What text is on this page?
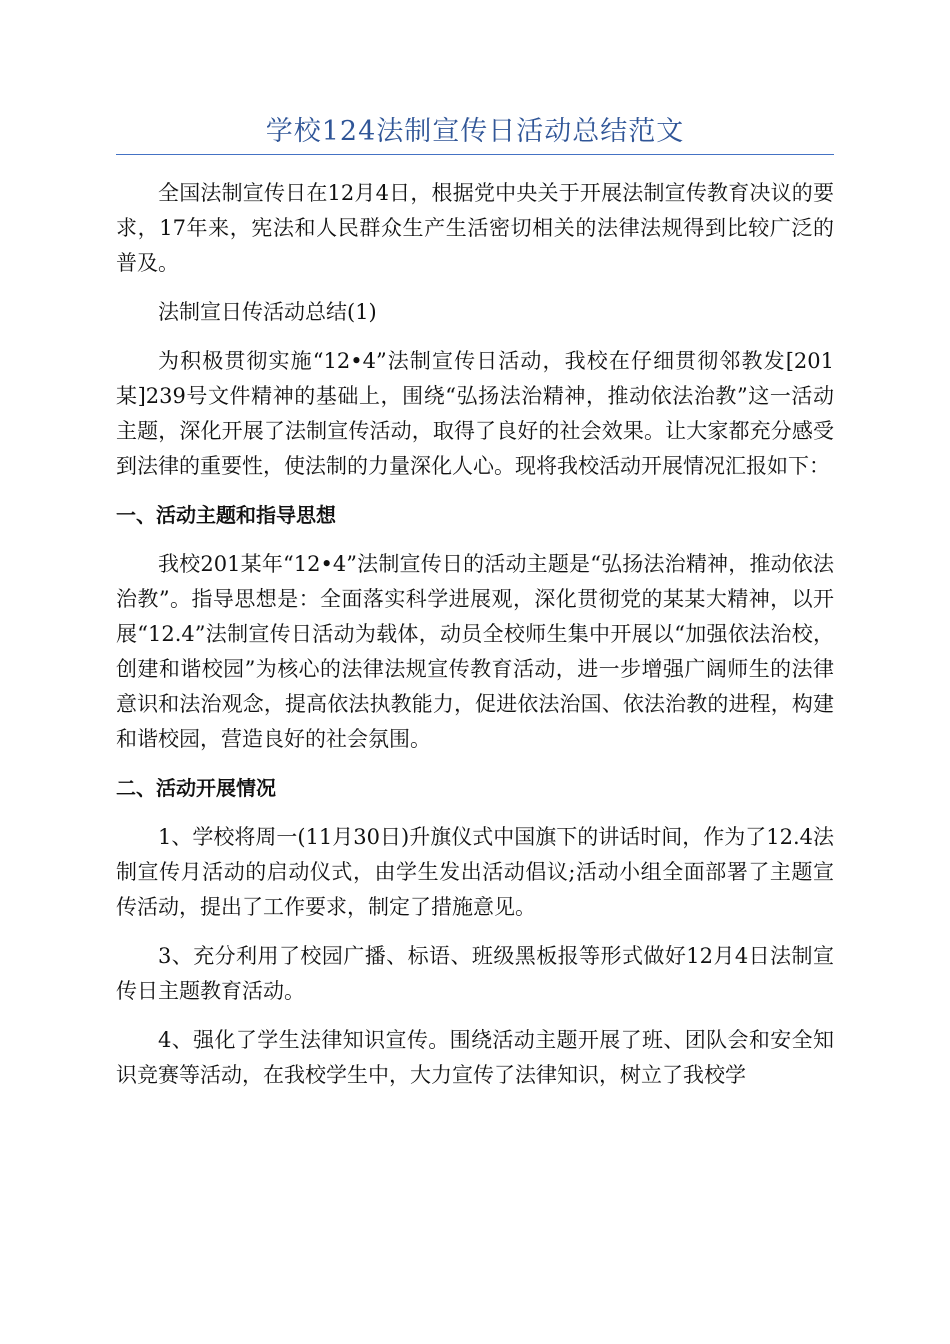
学校124法制宣传日活动总结范文

全国法制宣传日在12月4日，根据党中央关于开展法制宣传教育决议的要求，17年来，宪法和人民群众生产生活密切相关的法律法规得到比较广泛的普及。

法制宣日传活动总结(1)

为积极贯彻实施“12•4”法制宣传日活动，我校在仔细贯彻邻教发[201某]239号文件精神的基础上，围绕“弘扬法治精神，推动依法治教”这一活动主题，深化开展了法制宣传活动，取得了良好的社会效果。让大家都充分感受到法律的重要性，使法制的力量深化人心。现将我校活动开展情况汇报如下：

一、活动主题和指导思想

我校201某年“12•4”法制宣传日的活动主题是“弘扬法治精神，推动依法治教”。指导思想是：全面落实科学进展观，深化贯彻党的某某大精神，以开展“12.4”法制宣传日活动为载体，动员全校师生集中开展以“加强依法治校，创建和谐校园”为核心的法律法规宣传教育活动，进一步增强广阔师生的法律意识和法治观念，提高依法执教能力，促进依法治国、依法治教的进程，构建和谐校园，营造良好的社会氛围。

二、活动开展情况

1、学校将周一(11月30日)升旗仪式中国旗下的讲话时间，作为了12.4法制宣传月活动的启动仪式，由学生发出活动倡议;活动小组全面部署了主题宣传活动，提出了工作要求，制定了措施意见。

3、充分利用了校园广播、标语、班级黑板报等形式做好12月4日法制宣传日主题教育活动。

4、强化了学生法律知识宣传。围绕活动主题开展了班、团队会和安全知识竞赛等活动，在我校学生中，大力宣传了法律知识，树立了我校学
